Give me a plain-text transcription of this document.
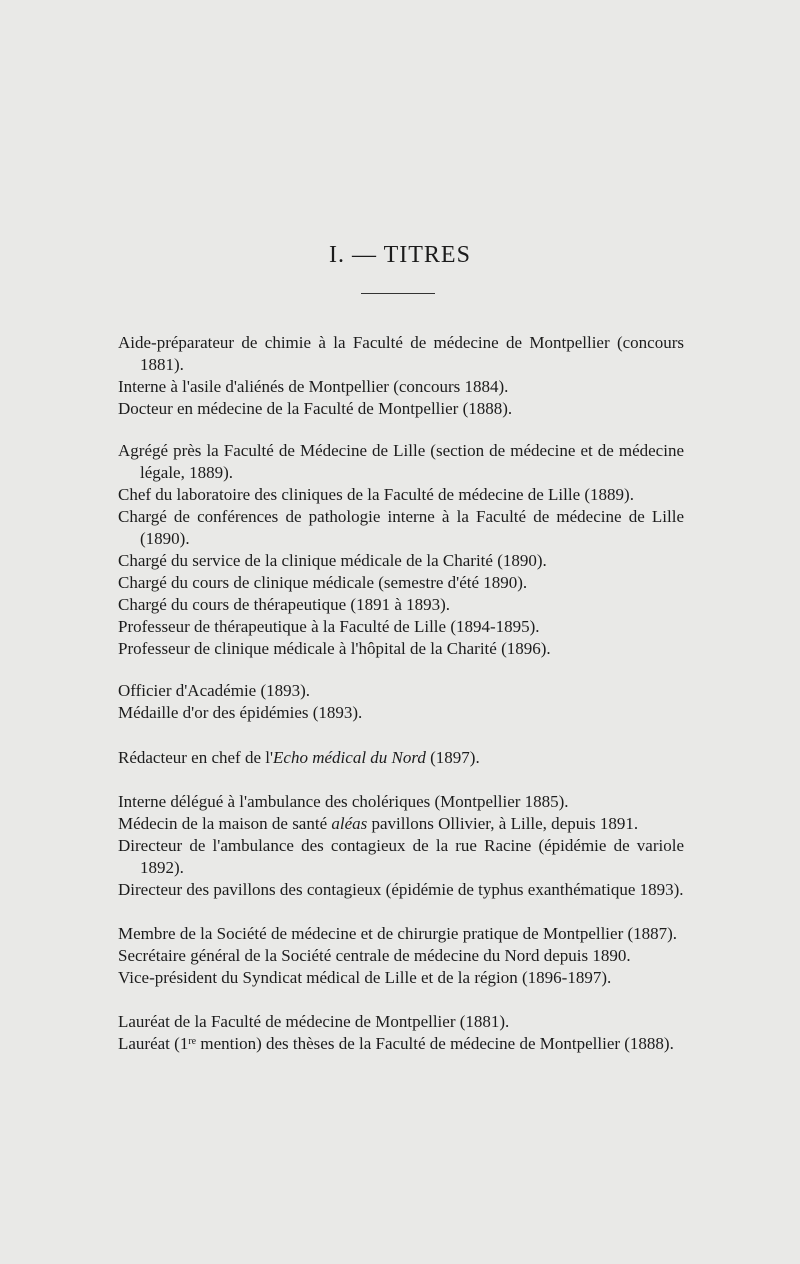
I. — TITRES

Aide-préparateur de chimie à la Faculté de médecine de Montpellier (concours 1881).

Interne à l'asile d'aliénés de Montpellier (concours 1884).

Docteur en médecine de la Faculté de Montpellier (1888).

Agrégé près la Faculté de Médecine de Lille (section de médecine et de médecine légale, 1889).

Chef du laboratoire des cliniques de la Faculté de médecine de Lille (1889).

Chargé de conférences de pathologie interne à la Faculté de médecine de Lille (1890).

Chargé du service de la clinique médicale de la Charité (1890).

Chargé du cours de clinique médicale (semestre d'été 1890).

Chargé du cours de thérapeutique (1891 à 1893).

Professeur de thérapeutique à la Faculté de Lille (1894-1895).

Professeur de clinique médicale à l'hôpital de la Charité (1896).

Officier d'Académie (1893).

Médaille d'or des épidémies (1893).

Rédacteur en chef de l'Echo médical du Nord (1897).

Interne délégué à l'ambulance des cholériques (Montpellier 1885).

Médecin de la maison de santé aléas pavillons Ollivier, à Lille, depuis 1891.

Directeur de l'ambulance des contagieux de la rue Racine (épidémie de variole 1892).

Directeur des pavillons des contagieux (épidémie de typhus exanthématique 1893).

Membre de la Société de médecine et de chirurgie pratique de Montpellier (1887).

Secrétaire général de la Société centrale de médecine du Nord depuis 1890.

Vice-président du Syndicat médical de Lille et de la région (1896-1897).

Lauréat de la Faculté de médecine de Montpellier (1881).

Lauréat (1re mention) des thèses de la Faculté de médecine de Montpellier (1888).
